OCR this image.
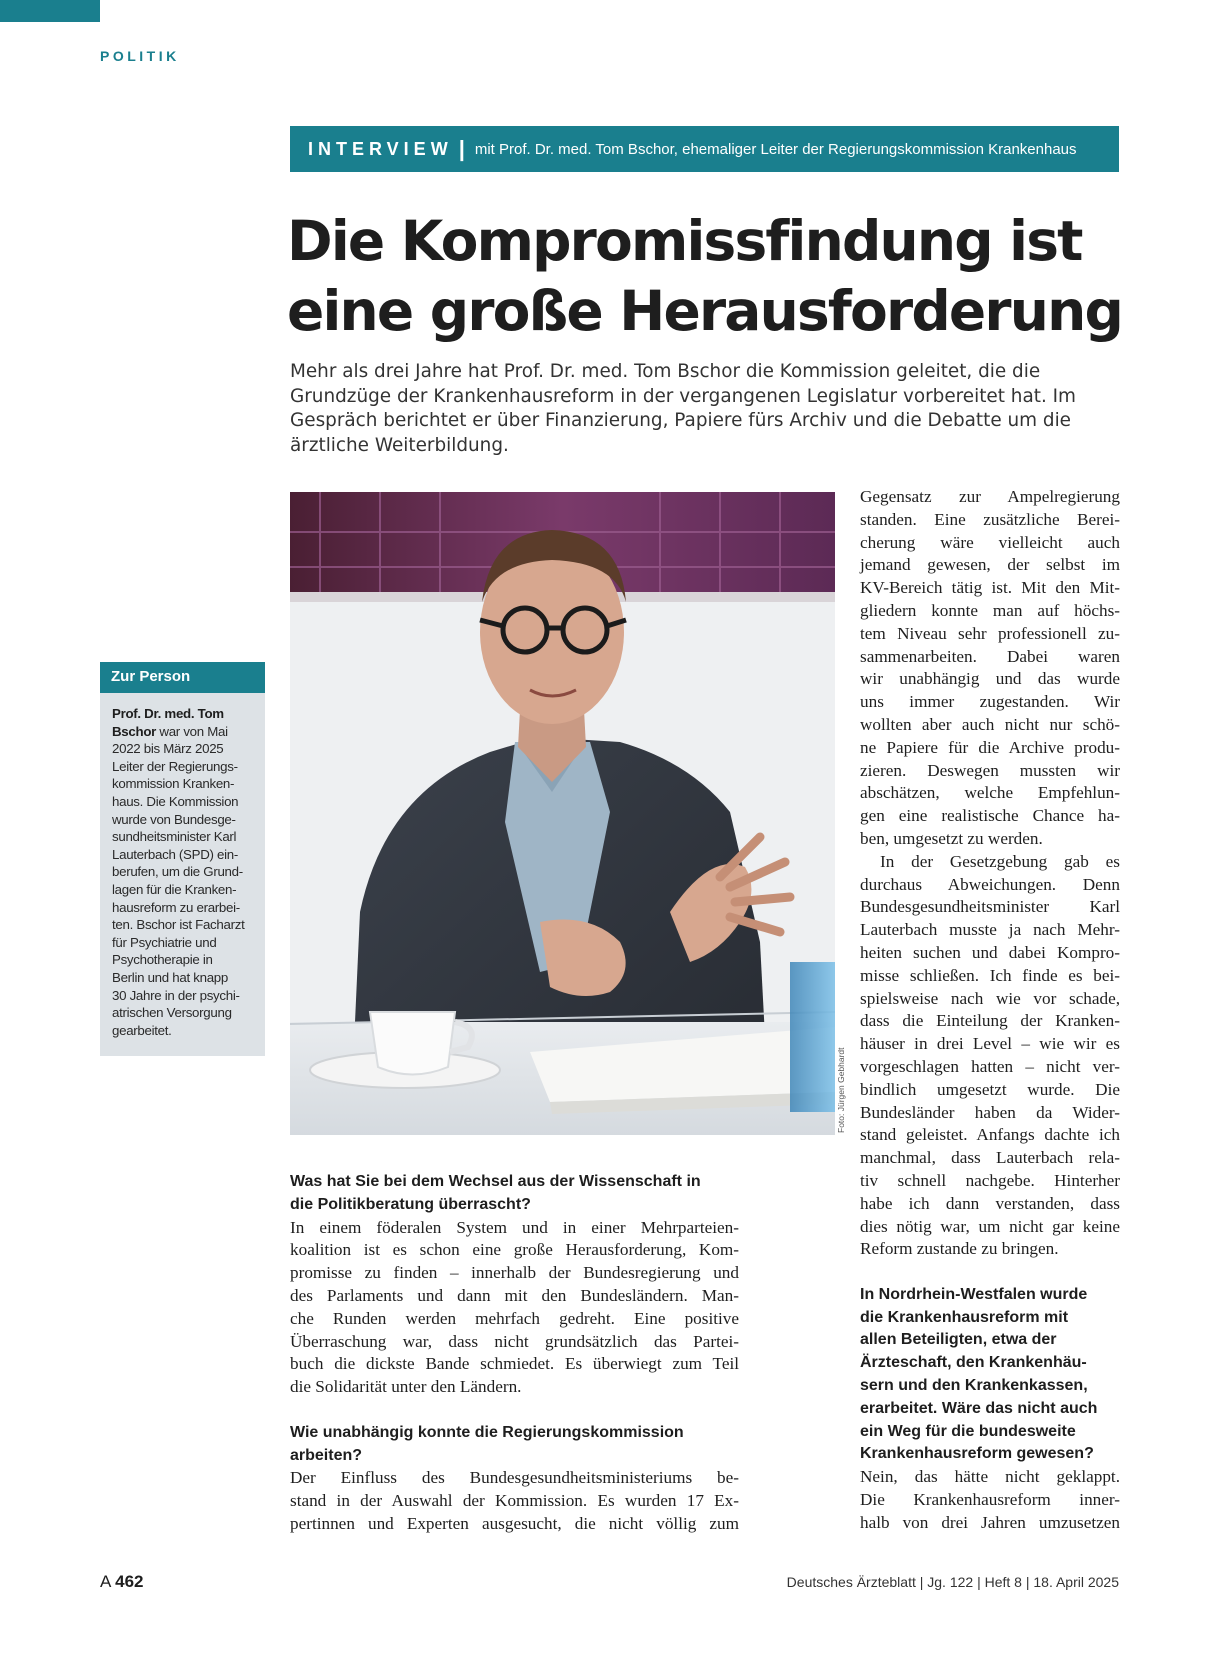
POLITIK
INTERVIEW | mit Prof. Dr. med. Tom Bschor, ehemaliger Leiter der Regierungskommission Krankenhaus
Die Kompromissfindung ist
eine große Herausforderung

Mehr als drei Jahre hat Prof. Dr. med. Tom Bschor die Kommission geleitet, die die Grundzüge der Krankenhausreform in der vergangenen Legislatur vorbereitet hat. Im Gespräch berichtet er über Finanzierung, Papiere fürs Archiv und die Debatte um die ärztliche Weiterbildung.

Foto: Jürgen Gebhardt
Zur Person
Prof. Dr. med. Tom
Bschor war von Mai
2022 bis März 2025
Leiter der Regierungs-
kommission Kranken-
haus. Die Kommission
wurde von Bundesge-
sundheitsminister Karl
Lauterbach (SPD) ein-
berufen, um die Grund-
lagen für die Kranken-
hausreform zu erarbei-
ten. Bschor ist Facharzt
für Psychiatrie und
Psychotherapie in
Berlin und hat knapp
30 Jahre in der psychi-
atrischen Versorgung
gearbeitet.
Was hat Sie bei dem Wechsel aus der Wissenschaft in
die Politikberatung überrascht?
In einem föderalen System und in einer Mehrparteien-
koalition ist es schon eine große Herausforderung, Kom-
promisse zu finden – innerhalb der Bundesregierung und
des Parlaments und dann mit den Bundesländern. Man-
che Runden werden mehrfach gedreht. Eine positive
Überraschung war, dass nicht grundsätzlich das Partei-
buch die dickste Bande schmiedet. Es überwiegt zum Teil
die Solidarität unter den Ländern.
Wie unabhängig konnte die Regierungskommission
arbeiten?
Der Einfluss des Bundesgesundheitsministeriums be-
stand in der Auswahl der Kommission. Es wurden 17 Ex-
pertinnen und Experten ausgesucht, die nicht völlig zum
Gegensatz zur Ampelregierung
standen. Eine zusätzliche Berei-
cherung wäre vielleicht auch
jemand gewesen, der selbst im
KV-Bereich tätig ist. Mit den Mit-
gliedern konnte man auf höchs-
tem Niveau sehr professionell zu-
sammenarbeiten. Dabei waren
wir unabhängig und das wurde
uns immer zugestanden. Wir
wollten aber auch nicht nur schö-
ne Papiere für die Archive produ-
zieren. Deswegen mussten wir
abschätzen, welche Empfehlun-
gen eine realistische Chance ha-
ben, umgesetzt zu werden.
In der Gesetzgebung gab es
durchaus Abweichungen. Denn
Bundesgesundheitsminister Karl
Lauterbach musste ja nach Mehr-
heiten suchen und dabei Kompro-
misse schließen. Ich finde es bei-
spielsweise nach wie vor schade,
dass die Einteilung der Kranken-
häuser in drei Level – wie wir es
vorgeschlagen hatten – nicht ver-
bindlich umgesetzt wurde. Die
Bundesländer haben da Wider-
stand geleistet. Anfangs dachte ich
manchmal, dass Lauterbach rela-
tiv schnell nachgebe. Hinterher
habe ich dann verstanden, dass
dies nötig war, um nicht gar keine
Reform zustande zu bringen.
In Nordrhein-Westfalen wurde
die Krankenhausreform mit
allen Beteiligten, etwa der
Ärzteschaft, den Krankenhäu-
sern und den Krankenkassen,
erarbeitet. Wäre das nicht auch
ein Weg für die bundesweite
Krankenhausreform gewesen?
Nein, das hätte nicht geklappt.
Die Krankenhausreform inner-
halb von drei Jahren umzusetzen
A 462	Deutsches Ärzteblatt | Jg. 122 | Heft 8 | 18. April 2025
